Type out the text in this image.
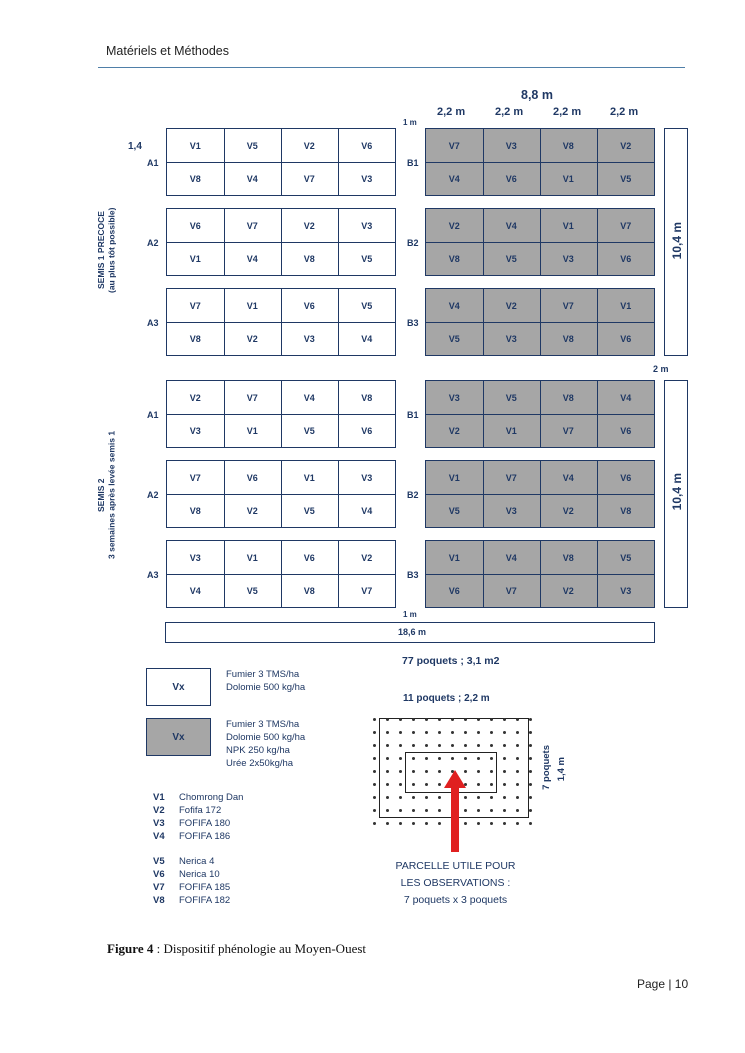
Matériels et Méthodes
8,8 m
2,2 m	2,2 m	2,2 m	2,2 m
1 m
1,4
SEMIS 1 PRECOCE
(au plus tôt possible)
SEMIS 2
3 semaines après levée semis 1
V1	V5	V2	V6
V8	V4	V7	V3
A1
V6	V7	V2	V3
V1	V4	V8	V5
A2
V7	V1	V6	V5
V8	V2	V3	V4
A3
V7	V3	V8	V2
V4	V6	V1	V5
B1
V2	V4	V1	V7
V8	V5	V3	V6
B2
V4	V2	V7	V1
V5	V3	V8	V6
B3
V2	V7	V4	V8
V3	V1	V5	V6
A1
V7	V6	V1	V3
V8	V2	V5	V4
A2
V3	V1	V6	V2
V4	V5	V8	V7
A3
V3	V5	V8	V4
V2	V1	V7	V6
B1
V1	V7	V4	V6
V5	V3	V2	V8
B2
V1	V4	V8	V5
V6	V7	V2	V3
B3
10,4 m
2 m
10,4 m
1 m
18,6 m
Vx
Fumier 3 TMS/ha
Dolomie 500 kg/ha
Vx
Fumier 3 TMS/ha
Dolomie 500 kg/ha
NPK 250 kg/ha
Urée 2x50kg/ha
V1 Chomrong Dan
V2 Fofifa 172
V3 FOFIFA 180
V4 FOFIFA 186
V5 Nerica 4
V6 Nerica 10
V7 FOFIFA 185
V8 FOFIFA 182
77 poquets ; 3,1 m2
11 poquets ; 2,2 m
7 poquets 1,4 m
PARCELLE UTILE POUR
LES OBSERVATIONS :
7 poquets x 3 poquets
Figure 4 : Dispositif phénologie au Moyen-Ouest
Page | 10
